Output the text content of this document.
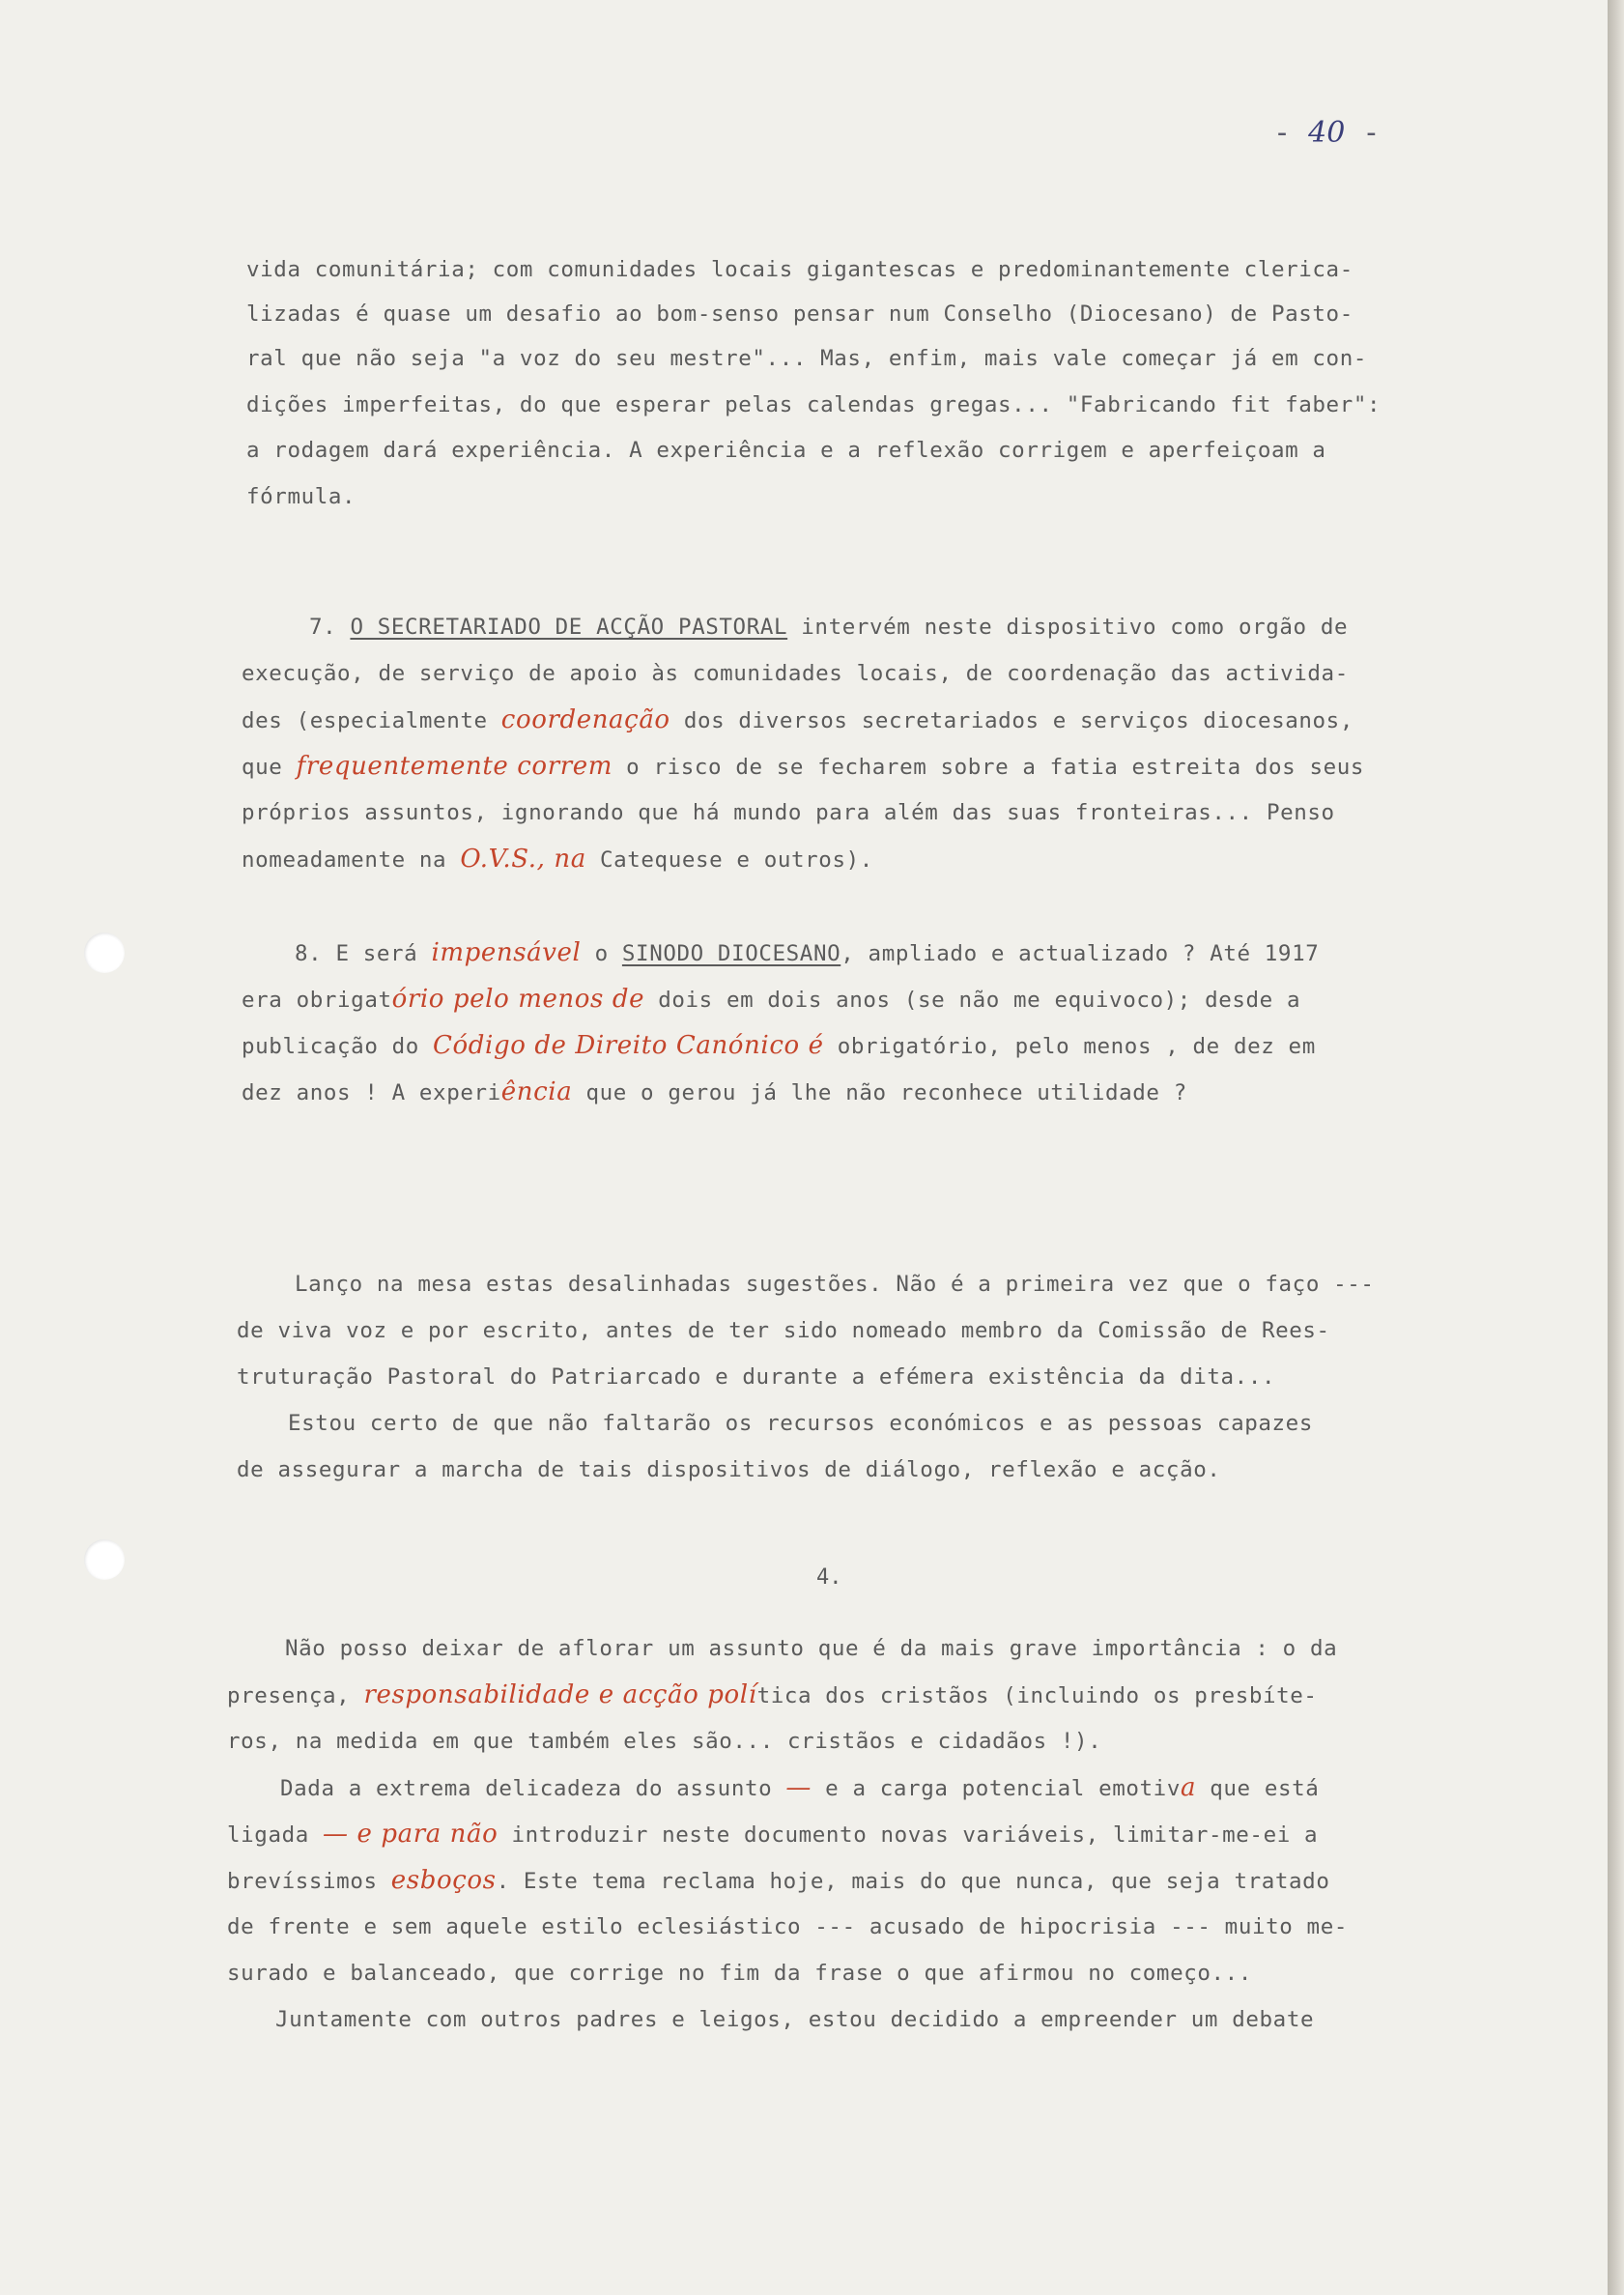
- 40 -
vida comunitária; com comunidades locais gigantescas e predominantemente clerica-
lizadas é quase um desafio ao bom-senso pensar num Conselho (Diocesano) de Pasto-
ral que não seja "a voz do seu mestre"... Mas, enfim, mais vale começar já em con-
dições imperfeitas, do que esperar pelas calendas gregas... "Fabricando fit faber":
a rodagem dará experiência. A experiência e a reflexão corrigem e aperfeiçoam a
fórmula.
7. O SECRETARIADO DE ACÇÃO PASTORAL intervém neste dispositivo como orgão de
execução, de serviço de apoio às comunidades locais, de coordenação das activida-
des (especialmente coordenação dos diversos secretariados e serviços diocesanos,
que frequentemente correm o risco de se fecharem sobre a fatia estreita dos seus
próprios assuntos, ignorando que há mundo para além das suas fronteiras... Penso
nomeadamente na O.V.S., na Catequese e outros).
8. E será impensável o SINODO DIOCESANO, ampliado e actualizado ? Até 1917
era obrigatório pelo menos de dois em dois anos (se não me equivoco); desde a
publicação do Código de Direito Canónico é obrigatório, pelo menos , de dez em
dez anos ! A experiência que o gerou já lhe não reconhece utilidade ?
Lanço na mesa estas desalinhadas sugestões. Não é a primeira vez que o faço ---
de viva voz e por escrito, antes de ter sido nomeado membro da Comissão de Rees-
truturação Pastoral do Patriarcado e durante a efémera existência da dita...
Estou certo de que não faltarão os recursos económicos e as pessoas capazes
de assegurar a marcha de tais dispositivos de diálogo, reflexão e acção.
Não posso deixar de aflorar um assunto que é da mais grave importância : o da
presença, responsabilidade e acção política dos cristãos (incluindo os presbíte-
ros, na medida em que também eles são... cristãos e cidadãos !).
Dada a extrema delicadeza do assunto — e a carga potencial emotiva que está
ligada — e para não introduzir neste documento novas variáveis, limitar-me-ei a
brevíssimos esboços. Este tema reclama hoje, mais do que nunca, que seja tratado
de frente e sem aquele estilo eclesiástico --- acusado de hipocrisia --- muito me-
surado e balanceado, que corrige no fim da frase o que afirmou no começo...
Juntamente com outros padres e leigos, estou decidido a empreender um debate
4.
